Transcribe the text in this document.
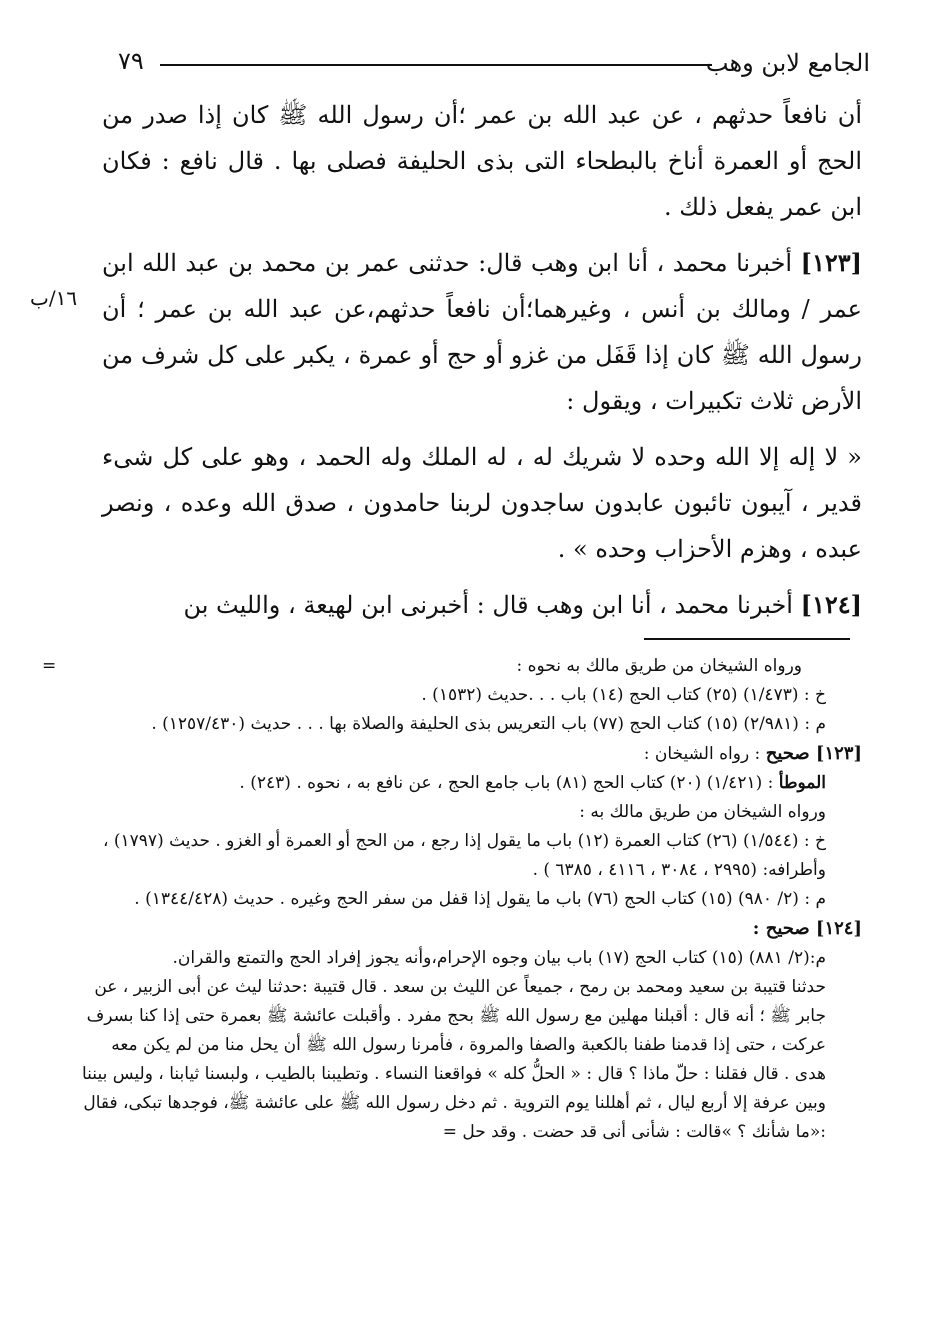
٧٩	الجامع لابن وهب
١٦/ب

أن نافعاً حدثهم ، عن عبد الله بن عمر ؛أن رسول الله ﷺ كان إذا صدر من الحج أو العمرة أناخ بالبطحاء التى بذى الحليفة فصلى بها . قال نافع : فكان ابن عمر يفعل ذلك .

[١٢٣] أخبرنا محمد ، أنا ابن وهب قال: حدثنى عمر بن محمد بن عبد الله ابن عمر / ومالك بن أنس ، وغيرهما؛أن نافعاً حدثهم،عن عبد الله بن عمر ؛ أن رسول الله ﷺ كان إذا قَفَل من غزو أو حج أو عمرة ، يكبر على كل شرف من الأرض ثلاث تكبيرات ، ويقول :

« لا إله إلا الله وحده لا شريك له ، له الملك وله الحمد ، وهو على كل شىء قدير ، آيبون تائبون عابدون ساجدون لربنا حامدون ، صدق الله وعده ، ونصر عبده ، وهزم الأحزاب وحده » .

[١٢٤] أخبرنا محمد ، أنا ابن وهب قال : أخبرنى ابن لهيعة ، والليث بن

=	ورواه الشيخان من طريق مالك به نحوه :

خ : (١/٤٧٣) (٢٥) كتاب الحج (١٤) باب . . .حديث (١٥٣٢) .

م : (٢/٩٨١) (١٥) كتاب الحج (٧٧) باب التعريس بذى الحليفة والصلاة بها . . . حديث (١٢٥٧/٤٣٠) .

[١٢٣] صحيح : رواه الشيخان :

الموطأ : (١/٤٢١) (٢٠) كتاب الحج (٨١) باب جامع الحج ، عن نافع به ، نحوه . (٢٤٣) .

ورواه الشيخان من طريق مالك به :

خ : (١/٥٤٤) (٢٦) كتاب العمرة (١٢) باب ما يقول إذا رجع ، من الحج أو العمرة أو الغزو . حديث (١٧٩٧) ، وأطرافه: (٢٩٩٥ ، ٣٠٨٤ ، ٤١١٦ ، ٦٣٨٥ ) .

م : (٢/ ٩٨٠) (١٥) كتاب الحج (٧٦) باب ما يقول إذا قفل من سفر الحج وغيره . حديث (١٣٤٤/٤٢٨) .

[١٢٤] صحيح :

م:(٢/ ٨٨١) (١٥) كتاب الحج (١٧) باب بيان وجوه الإحرام،وأنه يجوز إفراد الحج والتمتع والقران.

حدثنا قتيبة بن سعيد ومحمد بن رمح ، جميعاً عن الليث بن سعد . قال قتيبة :حدثنا ليث عن أبى الزبير ، عن جابر ﷺ ؛ أنه قال : أقبلنا مهلين مع رسول الله ﷺ بحج مفرد . وأقبلت عائشة ﷺ بعمرة حتى إذا كنا بسرف عركت ، حتى إذا قدمنا طفنا بالكعبة والصفا والمروة ، فأمرنا رسول الله ﷺ أن يحل منا من لم يكن معه هدى . قال فقلنا : حلّ ماذا ؟ قال : « الحلُّ كله » فواقعنا النساء . وتطيبنا بالطيب ، ولبسنا ثيابنا ، وليس بيننا وبين عرفة إلا أربع ليال ، ثم أهللنا يوم التروية . ثم دخل رسول الله ﷺ على عائشة ﷺ، فوجدها تبكى، فقال :«ما شأنك ؟ »قالت : شأنى أنى قد حضت . وقد حل =
